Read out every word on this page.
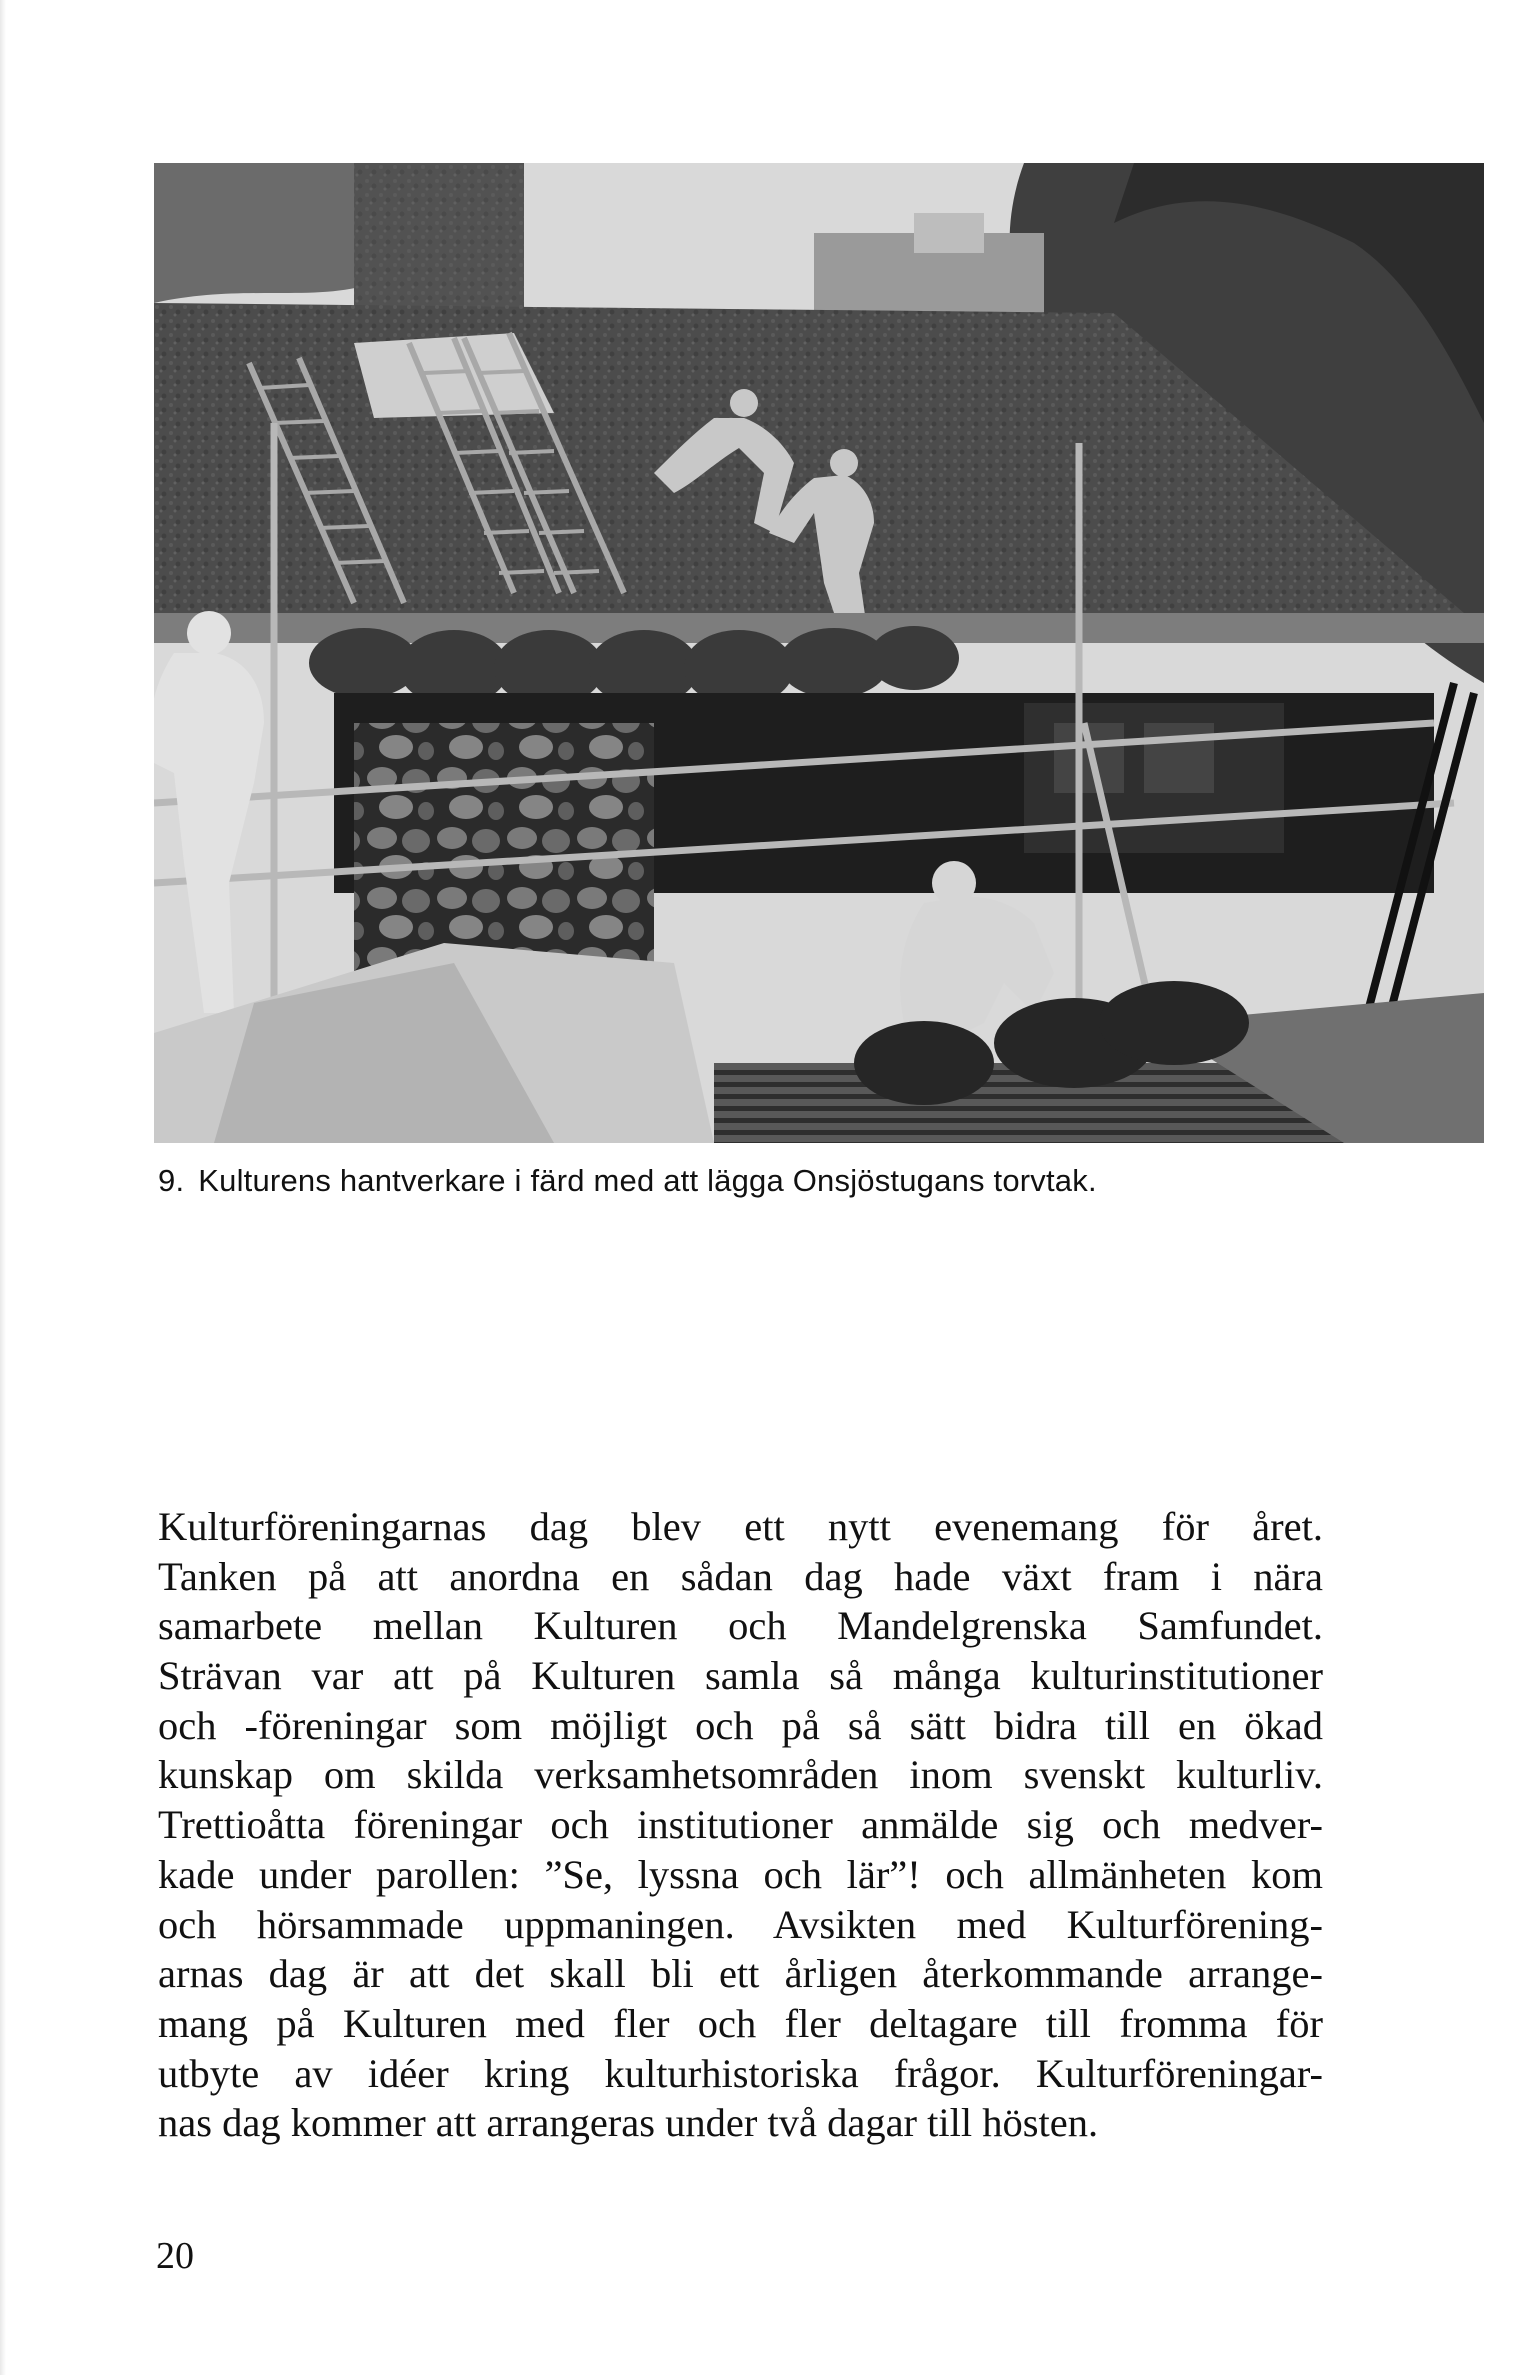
9. Kulturens hantverkare i färd med att lägga Onsjöstugans torvtak.
Kulturföreningarnas dag blev ett nytt evenemang för året.
Tanken på att anordna en sådan dag hade växt fram i nära
samarbete mellan Kulturen och Mandelgrenska Samfundet.
Strävan var att på Kulturen samla så många kulturinstitutioner
och -föreningar som möjligt och på så sätt bidra till en ökad
kunskap om skilda verksamhetsområden inom svenskt kulturliv.
Trettioåtta föreningar och institutioner anmälde sig och medver-
kade under parollen: ”Se, lyssna och lär”! och allmänheten kom
och hörsammade uppmaningen. Avsikten med Kulturförening-
arnas dag är att det skall bli ett årligen återkommande arrange-
mang på Kulturen med fler och fler deltagare till fromma för
utbyte av idéer kring kulturhistoriska frågor. Kulturföreningar-
nas dag kommer att arrangeras under två dagar till hösten.
20
